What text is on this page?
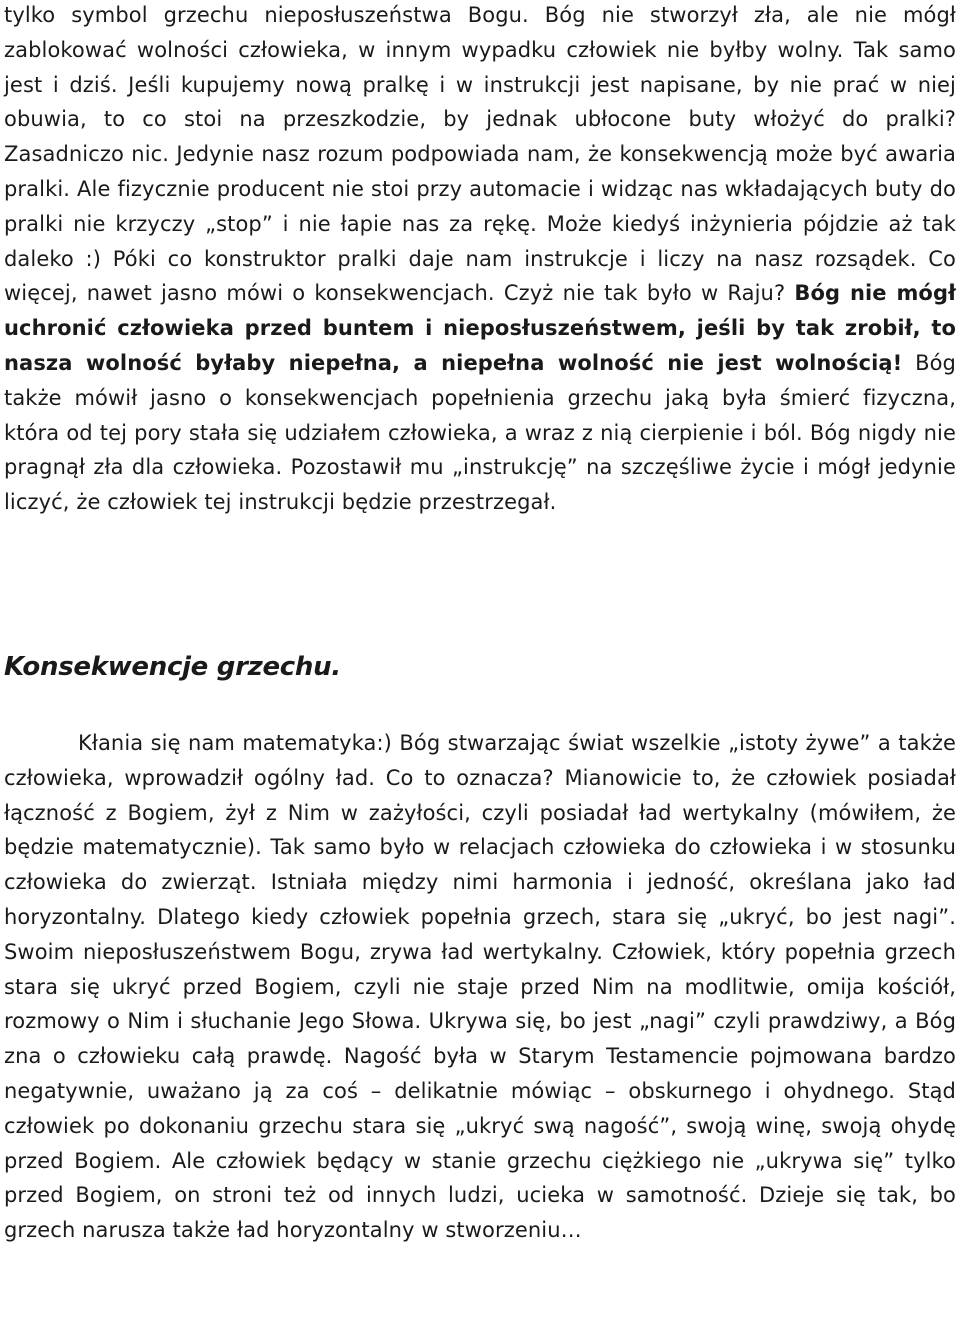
tylko symbol grzechu nieposłuszeństwa Bogu. Bóg nie stworzył zła, ale nie mógł zablokować wolności człowieka, w innym wypadku człowiek nie byłby wolny. Tak samo jest i dziś. Jeśli kupujemy nową pralkę i w instrukcji jest napisane, by nie prać w niej obuwia, to co stoi na przeszkodzie, by jednak ubłocone buty włożyć do pralki? Zasadniczo nic. Jedynie nasz rozum podpowiada nam, że konsekwencją może być awaria pralki. Ale fizycznie producent nie stoi przy automacie i widząc nas wkładających buty do pralki nie krzyczy „stop” i nie łapie nas za rękę. Może kiedyś inżynieria pójdzie aż tak daleko :) Póki co konstruktor pralki daje nam instrukcje i liczy na nasz rozsądek. Co więcej, nawet jasno mówi o konsekwencjach. Czyż nie tak było w Raju? Bóg nie mógł uchronić człowieka przed buntem i nieposłuszeństwem, jeśli by tak zrobił, to nasza wolność byłaby niepełna, a niepełna wolność nie jest wolnością! Bóg także mówił jasno o konsekwencjach popełnienia grzechu jaką była śmierć fizyczna, która od tej pory stała się udziałem człowieka, a wraz z nią cierpienie i ból. Bóg nigdy nie pragnął zła dla człowieka. Pozostawił mu „instrukcję” na szczęśliwe życie i mógł jedynie liczyć, że człowiek tej instrukcji będzie przestrzegał.

Konsekwencje grzechu.

Kłania się nam matematyka:) Bóg stwarzając świat wszelkie „istoty żywe” a także człowieka, wprowadził ogólny ład. Co to oznacza? Mianowicie to, że człowiek posiadał łączność z Bogiem, żył z Nim w zażyłości, czyli posiadał ład wertykalny (mówiłem, że będzie matematycznie). Tak samo było w relacjach człowieka do człowieka i w stosunku człowieka do zwierząt. Istniała między nimi harmonia i jedność, określana jako ład horyzontalny. Dlatego kiedy człowiek popełnia grzech, stara się „ukryć, bo jest nagi”. Swoim nieposłuszeństwem Bogu, zrywa ład wertykalny. Człowiek, który popełnia grzech stara się ukryć przed Bogiem, czyli nie staje przed Nim na modlitwie, omija kościół, rozmowy o Nim i słuchanie Jego Słowa. Ukrywa się, bo jest „nagi” czyli prawdziwy, a Bóg zna o człowieku całą prawdę. Nagość była w Starym Testamencie pojmowana bardzo negatywnie, uważano ją za coś – delikatnie mówiąc – obskurnego i ohydnego. Stąd człowiek po dokonaniu grzechu stara się „ukryć swą nagość”, swoją winę, swoją ohydę przed Bogiem. Ale człowiek będący w stanie grzechu ciężkiego nie „ukrywa się” tylko przed Bogiem, on stroni też od innych ludzi, ucieka w samotność. Dzieje się tak, bo grzech narusza także ład horyzontalny w stworzeniu…
